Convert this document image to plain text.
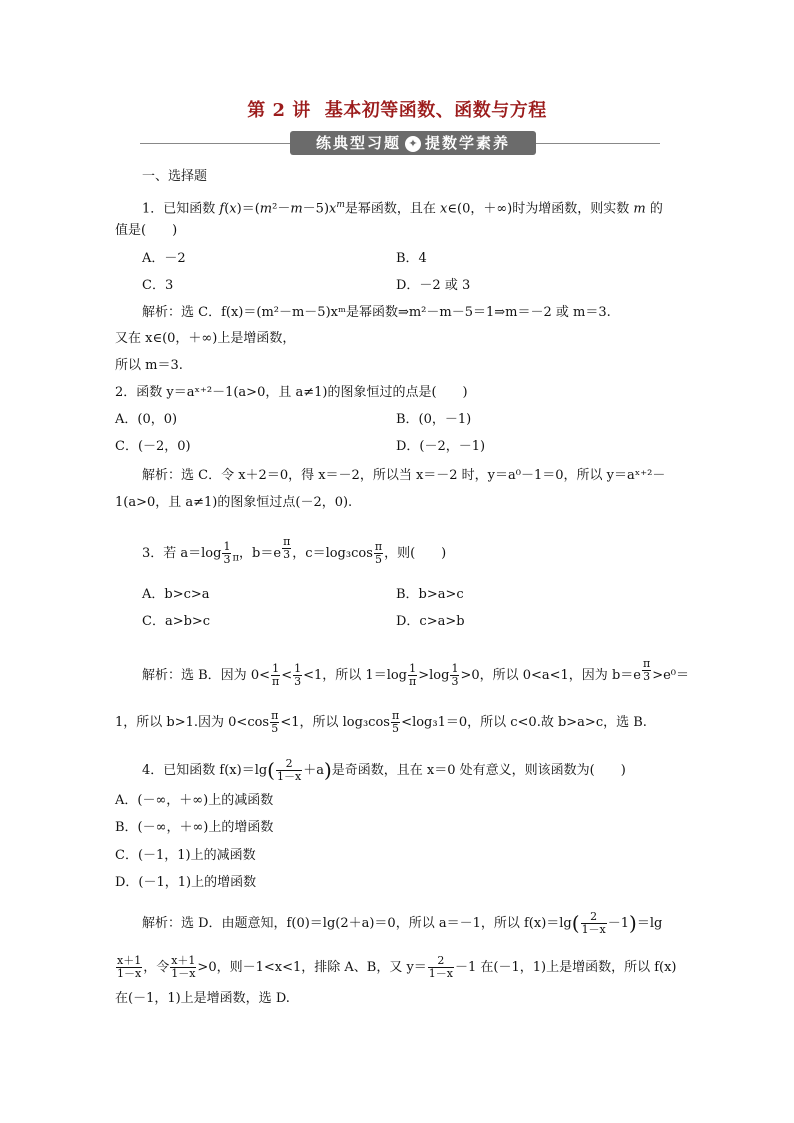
第 2 讲 基本初等函数、函数与方程
练典型习题 ✦ 提数学素养
一、选择题
1．已知函数 $f(x)=(m^2-m-5)x^m$是幂函数，且在 x∈(0，＋∞)时为增函数，则实数 m 的
值是(　　)
A．－2	B．4
C．3	D．－2 或 3
解析：选 C．f(x)＝(m²－m－5)xᵐ是幂函数⇒m²－m－5＝1⇒m＝－2 或 m＝3.
又在 x∈(0，＋∞)上是增函数，
所以 m＝3.
2．函数 y＝aˣ⁺²－1(a>0，且 a≠1)的图象恒过的点是(　　)
A．(0，0)	B．(0，－1)
C．(－2，0)	D．(－2，－1)
解析：选 C．令 x＋2＝0，得 x＝－2，所以当 x＝－2 时，y＝a⁰－1＝0，所以 y＝aˣ⁺²－
1(a>0，且 a≠1)的图象恒过点(－2，0).
3．若 $a=\log \frac{1}{3} _\pi$，b＝e $^{\frac{\pi}{3}}$ ，$c=\log_3\cos \frac{\pi}{5}$ ，则(　　)
A．b>c>a	B．b>a>c
C．a>b>c	D．c>a>b
解析：选 B．因为 $0< \frac{1}{\pi} < \frac{1}{3} <1$，所以 $1=\log \frac{1}{\pi} >\log \frac{1}{3} >0$，所以 0<a<1，因为 b＝e $^{\frac{\pi}{3}}$ >e⁰＝
1，所以 b>1.因为 $0<\cos \frac{\pi}{5} <1$，所以 $\log_3\cos \frac{\pi}{5} <\log_31=0$，所以 c<0.故 b>a>c，选 B.
4．已知函数 $f(x)=\lg( \frac{2}{1-x} +a)$是奇函数，且在 x＝0 处有意义，则该函数为(　　)
A．(－∞，＋∞)上的减函数
B．(－∞，＋∞)上的增函数
C．(－1，1)上的减函数
D．(－1，1)上的增函数
解析：选 D．由题意知，f(0)＝lg(2＋a)＝0，所以 a＝－1，所以 $f(x)=\lg( \frac{2}{1-x} -1)=\lg$
$\frac{x+1}{1-x}$ ，令 $\frac{x+1}{1-x} >0$，则－1<x<1，排除 A、B，又 $y= \frac{2}{1-x} -1$ 在(－1，1)上是增函数，所以 f(x)
在(－1，1)上是增函数，选 D.
